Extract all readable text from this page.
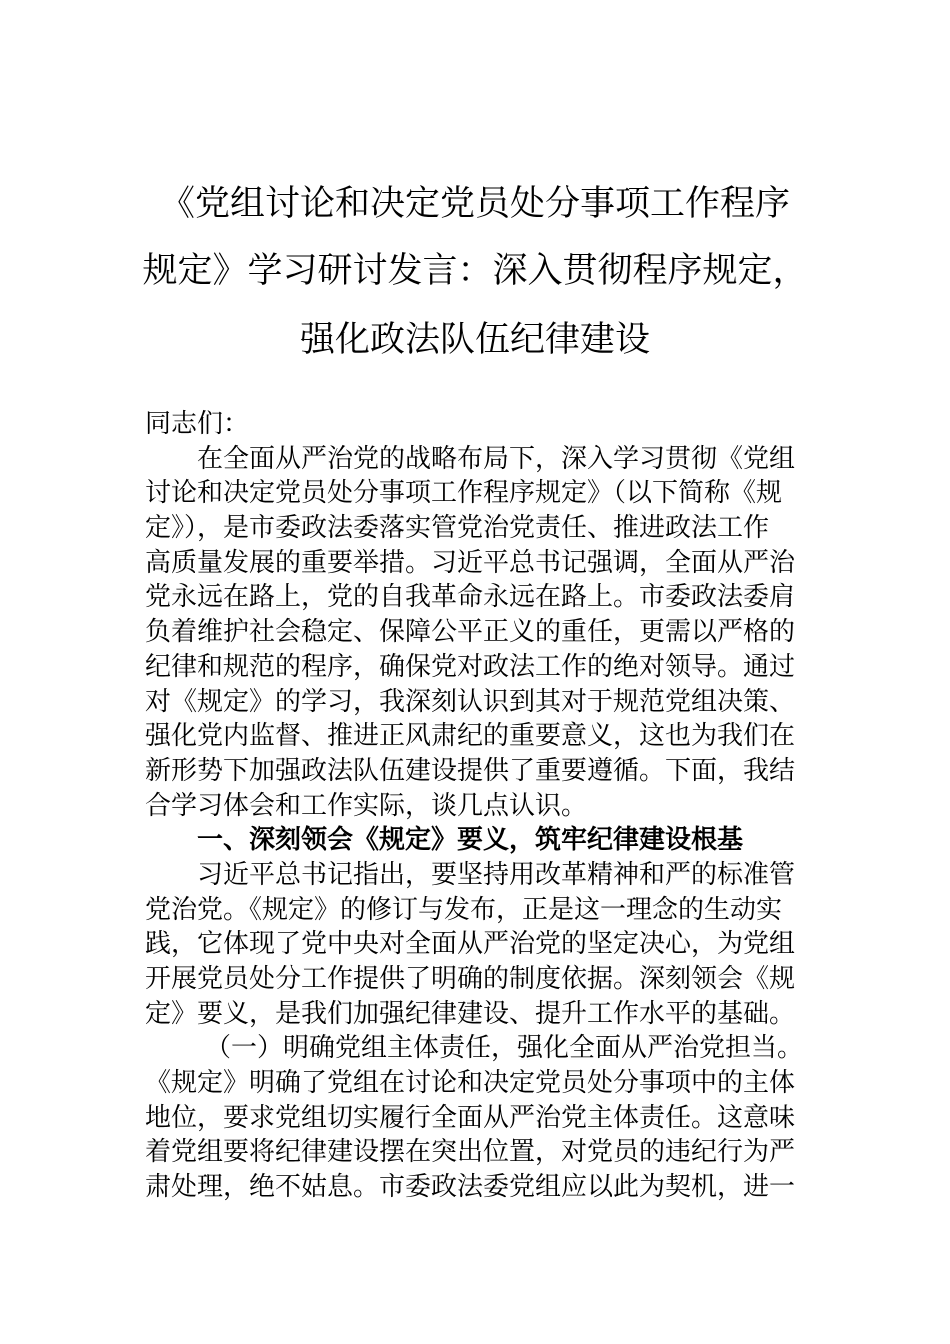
《党组讨论和决定党员处分事项工作程序
规定》学习研讨发言：深入贯彻程序规定，
强化政法队伍纪律建设
同志们：
在全面从严治党的战略布局下，深入学习贯彻《党组
讨论和决定党员处分事项工作程序规定》（以下简称《规
定》），是市委政法委落实管党治党责任、推进政法工作
高质量发展的重要举措。习近平总书记强调，全面从严治
党永远在路上，党的自我革命永远在路上。市委政法委肩
负着维护社会稳定、保障公平正义的重任，更需以严格的
纪律和规范的程序，确保党对政法工作的绝对领导。通过
对《规定》的学习，我深刻认识到其对于规范党组决策、
强化党内监督、推进正风肃纪的重要意义，这也为我们在
新形势下加强政法队伍建设提供了重要遵循。下面，我结
合学习体会和工作实际，谈几点认识。
一、深刻领会《规定》要义，筑牢纪律建设根基
习近平总书记指出，要坚持用改革精神和严的标准管
党治党。《规定》的修订与发布，正是这一理念的生动实
践，它体现了党中央对全面从严治党的坚定决心，为党组
开展党员处分工作提供了明确的制度依据。深刻领会《规
定》要义，是我们加强纪律建设、提升工作水平的基础。
（一）明确党组主体责任，强化全面从严治党担当。
《规定》明确了党组在讨论和决定党员处分事项中的主体
地位，要求党组切实履行全面从严治党主体责任。这意味
着党组要将纪律建设摆在突出位置，对党员的违纪行为严
肃处理，绝不姑息。市委政法委党组应以此为契机，进一
